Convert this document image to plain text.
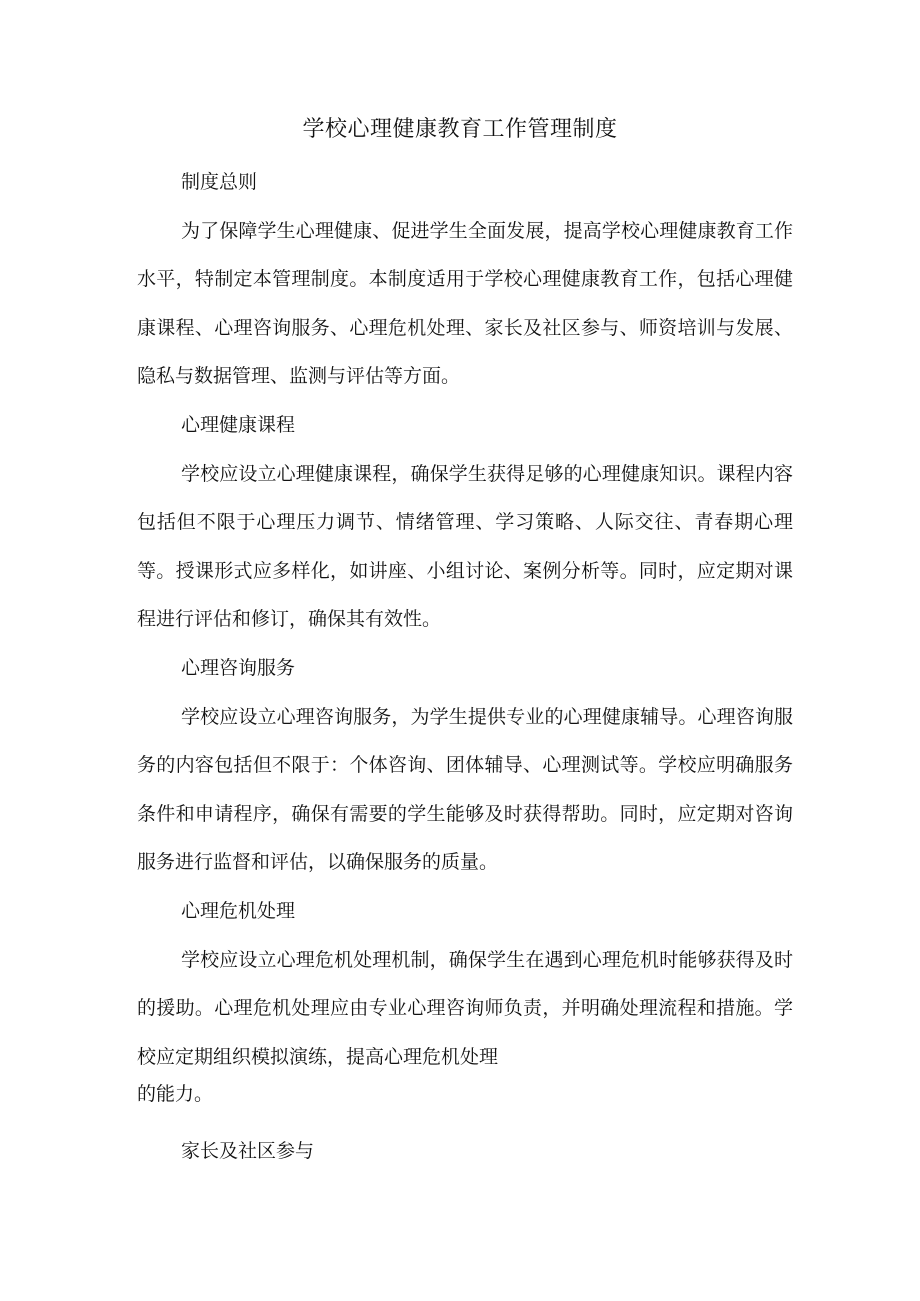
学校心理健康教育工作管理制度

制度总则

为了保障学生心理健康、促进学生全面发展，提高学校心理健康教育工作水平，特制定本管理制度。本制度适用于学校心理健康教育工作，包括心理健康课程、心理咨询服务、心理危机处理、家长及社区参与、师资培训与发展、隐私与数据管理、监测与评估等方面。

心理健康课程

学校应设立心理健康课程，确保学生获得足够的心理健康知识。课程内容包括但不限于心理压力调节、情绪管理、学习策略、人际交往、青春期心理等。授课形式应多样化，如讲座、小组讨论、案例分析等。同时，应定期对课程进行评估和修订，确保其有效性。

心理咨询服务

学校应设立心理咨询服务，为学生提供专业的心理健康辅导。心理咨询服务的内容包括但不限于：个体咨询、团体辅导、心理测试等。学校应明确服务条件和申请程序，确保有需要的学生能够及时获得帮助。同时，应定期对咨询服务进行监督和评估，以确保服务的质量。

心理危机处理

学校应设立心理危机处理机制，确保学生在遇到心理危机时能够获得及时的援助。心理危机处理应由专业心理咨询师负责，并明确处理流程和措施。学校应定期组织模拟演练，提高心理危机处理

的能力。

家长及社区参与
